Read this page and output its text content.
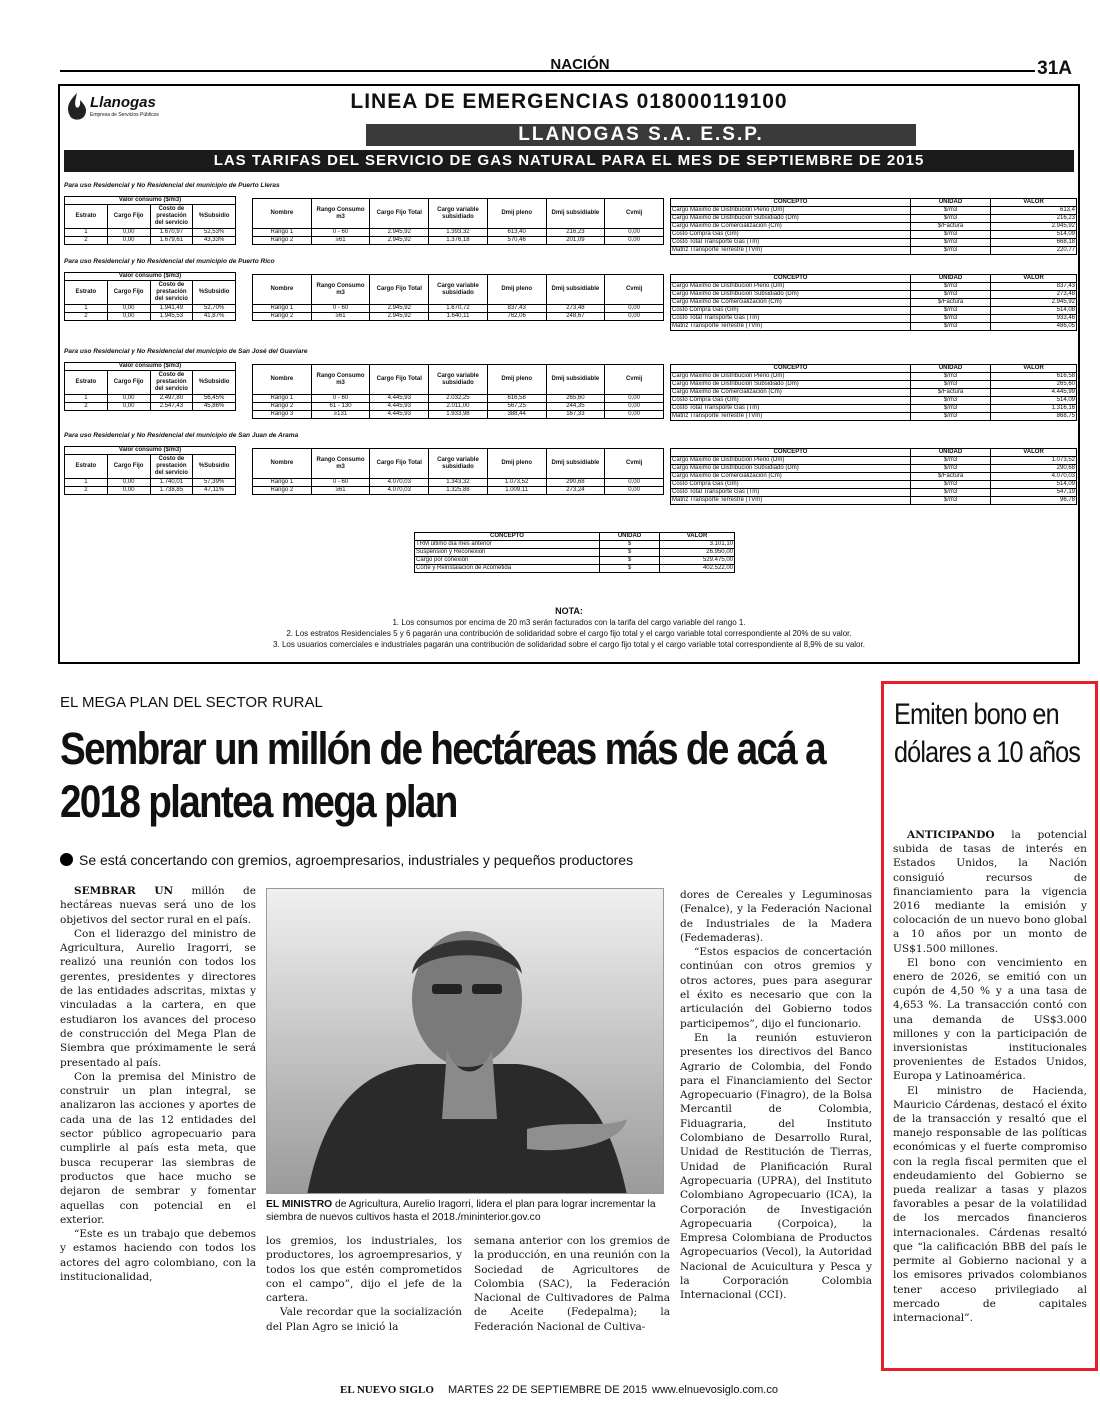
NACIÓN	31A
Llanogas
Empresa de Servicios Públicos
LINEA DE EMERGENCIAS 018000119100
LLANOGAS S.A. E.S.P.
LAS TARIFAS DEL SERVICIO DE GAS NATURAL PARA EL MES DE SEPTIEMBRE DE 2015
Para uso Residencial y No Residencial del municipio de Puerto Lleras
Valor consumo ($/m3)			
Estrato	Cargo Fijo	Costo de prestación del servicio	%Subsidio
1	0,00	1.670,97	52,53%
2	0,00	1.679,61	43,33%
Nombre	Rango Consumo m3	Cargo Fijo Total	Cargo variable subsidiado	Dmij pleno	Dmij subsidiable	Cvmij
Rango 1	0 - 60	2.945,92	1.393,32	613,40	216,23	0,00
Rango 2	≥61	2.945,92	1.376,18	570,46	201,09	0,00
CONCEPTO	UNIDAD	VALOR
Cargo Máximo de Distribución Pleno (Dm)	$/m3	613,4
Cargo Máximo de Distribución Subsidiado (Dm)	$/m3	216,23
Cargo Máximo de Comercialización (Cm)	$/Factura	2.945,92
Costo Compra Gas (Gm)	$/m3	514,09
Costo Total Transporte Gas (Tm)	$/m3	668,18
Matriz Transporte Terrestre (TVm)	$/m3	220,77
Para uso Residencial y No Residencial del municipio de Puerto Rico
Valor consumo ($/m3)			
Estrato	Cargo Fijo	Costo de prestación del servicio	%Subsidio
1	0,00	1.941,49	52,70%
2	0,00	1.945,53	41,87%
Nombre	Rango Consumo m3	Cargo Fijo Total	Cargo variable subsidiado	Dmij pleno	Dmij subsidiable	Cvmij
Rango 1	0 - 60	2.945,92	1.670,72	837,43	273,48	0,00
Rango 2	≥61	2.945,92	1.640,11	762,06	248,67	0,00
CONCEPTO	UNIDAD	VALOR
Cargo Máximo de Distribución Pleno (Dm)	$/m3	837,43
Cargo Máximo de Distribución Subsidiado (Dm)	$/m3	273,48
Cargo Máximo de Comercialización (Cm)	$/Factura	2.945,92
Costo Compra Gas (Gm)	$/m3	514,08
Costo Total Transporte Gas (Tm)	$/m3	933,46
Matriz Transporte Terrestre (TVm)	$/m3	486,05
Para uso Residencial y No Residencial del municipio de San José del Guaviare
Valor consumo ($/m3)			
Estrato	Cargo Fijo	Costo de prestación del servicio	%Subsidio
1	0,00	2.497,80	56,45%
2	0,00	2.547,43	45,86%
Nombre	Rango Consumo m3	Cargo Fijo Total	Cargo variable subsidiado	Dmij pleno	Dmij subsidiable	Cvmij
Rango 1	0 - 60	4.445,93	2.032,25	616,58	265,60	0,00
Rango 2	61 - 130	4.445,93	2.011,00	567,25	244,35	0,00
Rango 3	≥131	4.445,93	1.933,98	388,44	167,33	0,00
CONCEPTO	UNIDAD	VALOR
Cargo Máximo de Distribución Pleno (Dm)	$/m3	616,58
Cargo Máximo de Distribución Subsidiado (Dm)	$/m3	265,60
Cargo Máximo de Comercialización (Cm)	$/Factura	4.445,99
Costo Compra Gas (Gm)	$/m3	514,09
Costo Total Transporte Gas (Tm)	$/m3	1.316,16
Matriz Transporte Terrestre (TVm)	$/m3	868,75
Para uso Residencial y No Residencial del municipio de San Juan de Arama
Valor consumo ($/m3)			
Estrato	Cargo Fijo	Costo de prestación del servicio	%Subsidio
1	0,00	1.740,01	57,39%
2	0,00	1.738,85	47,11%
Nombre	Rango Consumo m3	Cargo Fijo Total	Cargo variable subsidiado	Dmij pleno	Dmij subsidiable	Cvmij
Rango 1	0 - 60	4.070,03	1.343,32	1.073,52	290,68	0,00
Rango 2	≥61	4.070,03	1.325,88	1.009,11	273,24	0,00
CONCEPTO	UNIDAD	VALOR
Cargo Máximo de Distribución Pleno (Dm)	$/m3	1.073,52
Cargo Máximo de Distribución Subsidiado (Dm)	$/m3	290,68
Cargo Máximo de Comercialización (Cm)	$/Factura	4.070,03
Costo Compra Gas (Gm)	$/m3	514,09
Costo Total Transporte Gas (Tm)	$/m3	547,19
Matriz Transporte Terrestre (TVm)	$/m3	96,78
CONCEPTO	UNIDAD	VALOR
TRM último día mes anterior	$	3.101,10
Suspensión y Reconexión	$	26.950,00
Cargo por conexión	$	529.475,00
Corte y Reinstalación de Acometida	$	402.522,00
NOTA:
1. Los consumos por encima de 20 m3 serán facturados con la tarifa del cargo variable del rango 1.
2. Los estratos Residenciales 5 y 6 pagarán una contribución de solidaridad sobre el cargo fijo total y el cargo variable total correspondiente al 20% de su valor.
3. Los usuarios comerciales e industriales pagarán una contribución de solidaridad sobre el cargo fijo total y el cargo variable total correspondiente al 8,9% de su valor.
EL MEGA PLAN DEL SECTOR RURAL
Sembrar un millón de hectáreas más de acá a 2018 plantea mega plan
Se está concertando con gremios, agroempresarios, industriales y pequeños productores

SEMBRAR UN millón de hectáreas nuevas será uno de los objetivos del sector rural en el país.

Con el liderazgo del ministro de Agricultura, Aurelio Iragorri, se realizó una reunión con todos los gerentes, presidentes y directores de las entidades adscritas, mixtas y vinculadas a la cartera, en que estudiaron los avances del proceso de construcción del Mega Plan de Siembra que próximamente le será presentado al país.

Con la premisa del Ministro de construir un plan integral, se analizaron las acciones y aportes de cada una de las 12 entidades del sector público agropecuario para cumplirle al país esta meta, que busca recuperar las siembras de productos que hace mucho se dejaron de sembrar y fomentar aquellas con potencial en el exterior.

“Este es un trabajo que debemos y estamos haciendo con todos los actores del agro colombiano, con la institucionalidad,

EL MINISTRO de Agricultura, Aurelio Iragorri, lidera el plan para lograr incrementar la siembra de nuevos cultivos hasta el 2018./mininterior.gov.co

los gremios, los industriales, los productores, los agroempresarios, y todos los que estén comprometidos con el campo”, dijo el jefe de la cartera.

Vale recordar que la socialización del Plan Agro se inició la

semana anterior con los gremios de la producción, en una reunión con la Sociedad de Agricultores de Colombia (SAC), la Federación Nacional de Cultivadores de Palma de Aceite (Fedepalma); la Federación Nacional de Cultiva-

dores de Cereales y Leguminosas (Fenalce), y la Federación Nacional de Industriales de la Madera (Fedemaderas).

“Estos espacios de concertación continúan con otros gremios y otros actores, pues para asegurar el éxito es necesario que con la articulación del Gobierno todos participemos”, dijo el funcionario.

En la reunión estuvieron presentes los directivos del Banco Agrario de Colombia, del Fondo para el Financiamiento del Sector Agropecuario (Finagro), de la Bolsa Mercantil de Colombia, Fiduagraria, del Instituto Colombiano de Desarrollo Rural, Unidad de Restitución de Tierras, Unidad de Planificación Rural Agropecuaria (UPRA), del Instituto Colombiano Agropecuario (ICA), la Corporación de Investigación Agropecuaria (Corpoica), la Empresa Colombiana de Productos Agropecuarios (Vecol), la Autoridad Nacional de Acuicultura y Pesca y la Corporación Colombia Internacional (CCI).

Emiten bono en dólares a 10 años

ANTICIPANDO la potencial subida de tasas de interés en Estados Unidos, la Nación consiguió recursos de financiamiento para la vigencia 2016 mediante la emisión y colocación de un nuevo bono global a 10 años por un monto de US$1.500 millones.

El bono con vencimiento en enero de 2026, se emitió con un cupón de 4,50 % y a una tasa de 4,653 %. La transacción contó con una demanda de US$3.000 millones y con la participación de inversionistas institucionales provenientes de Estados Unidos, Europa y Latinoamérica.

El ministro de Hacienda, Mauricio Cárdenas, destacó el éxito de la transacción y resaltó que el manejo responsable de las políticas económicas y el fuerte compromiso con la regla fiscal permiten que el endeudamiento del Gobierno se pueda realizar a tasas y plazos favorables a pesar de la volatilidad de los mercados financieros internacionales. Cárdenas resaltó que “la calificación BBB del país le permite al Gobierno nacional y a los emisores privados colombianos tener acceso privilegiado al mercado de capitales internacional”.

EL NUEVO SIGLO MARTES 22 DE SEPTIEMBRE DE 2015 www.elnuevosiglo.com.co
